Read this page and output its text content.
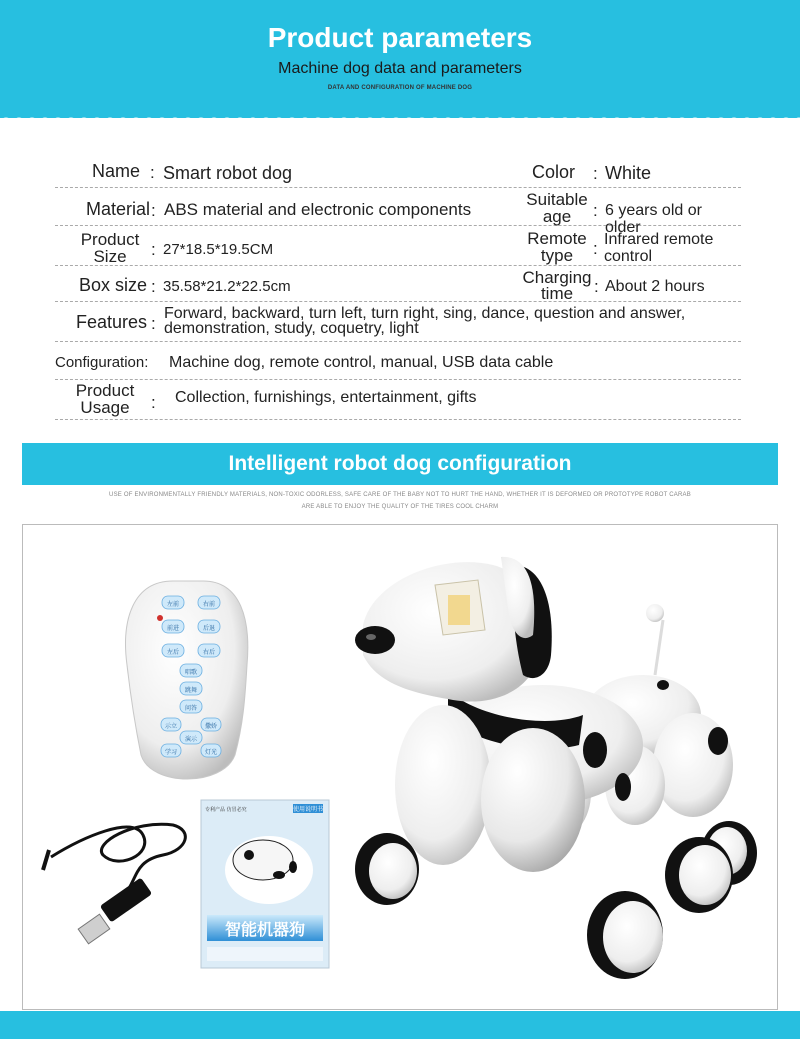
Product parameters
Machine dog data and parameters
DATA AND CONFIGURATION OF MACHINE DOG
Name : Smart robot dog	Color : White
Material : ABS material and electronic components
Suitable
age	: 6 years old or older
Product
Size	: 27*18.5*19.5CM
Remote
type	: Infrared remote
control
Box size : 35.58*21.2*22.5cm	Charging
time	: About 2 hours
Features :
Forward, backward, turn left, turn right, sing, dance, question and answer,
demonstration, study, coquetry, light
Configuration: Machine dog, remote control, manual, USB data cable
Product
Usage	: Collection, furnishings, entertainment, gifts
Intelligent robot dog configuration
USE OF ENVIRONMENTALLY FRIENDLY MATERIALS, NON-TOXIC ODORLESS, SAFE CARE OF THE BABY NOT TO HURT THE HAND, WHETHER IT IS DEFORMED OR PROTOTYPE ROBOT CARAB
ARE ABLE TO ENJOY THE QUALITY OF THE TIRES COOL CHARM
左前	右前
前进	后退
左后	右后
唱歌
跳舞
问答
示立	撒娇
演示
学习	灯光
使用说明书
专利产品 仿冒必究
智能机器狗
